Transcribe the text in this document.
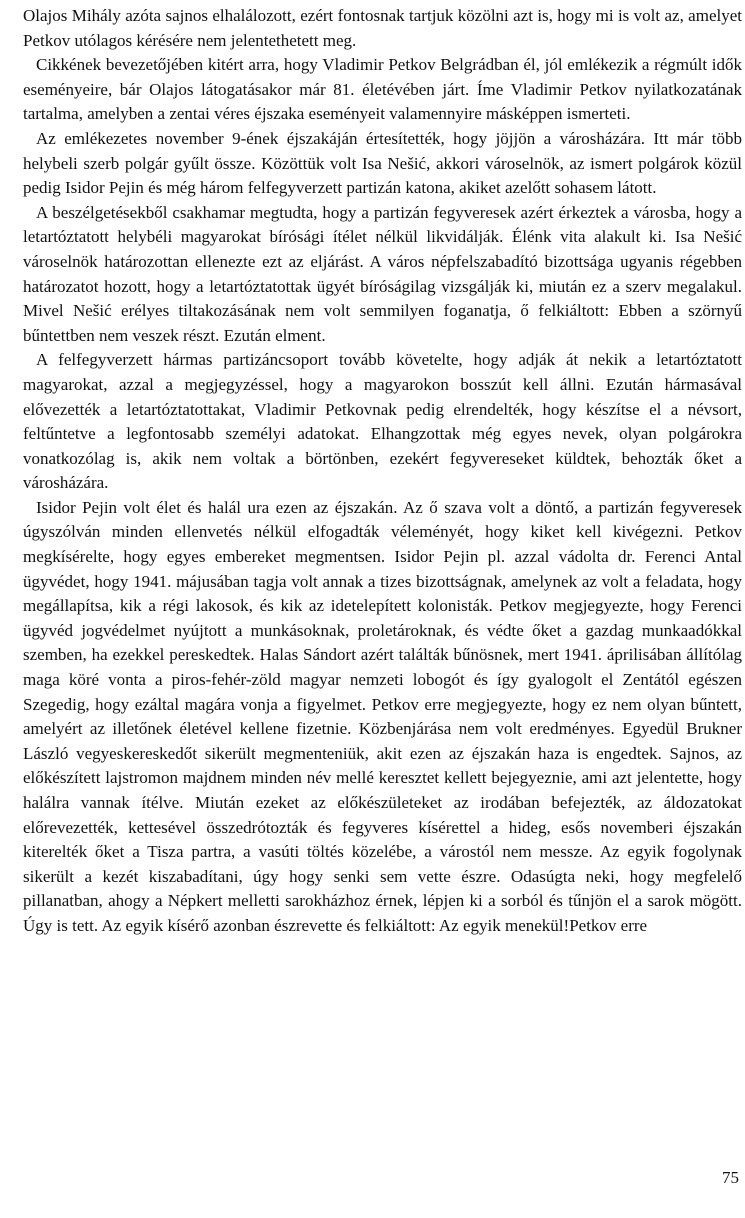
Olajos Mihály azóta sajnos elhalálozott, ezért fontosnak tartjuk közölni azt is, hogy mi is volt az, amelyet Petkov utólagos kérésére nem jelentethetett meg.

Cikkének bevezetőjében kitért arra, hogy Vladimir Petkov Belgrádban él, jól emlékezik a régmúlt idők eseményeire, bár Olajos látogatásakor már 81. életévében járt. Íme Vladimir Petkov nyilatkozatának tartalma, amelyben a zentai véres éjszaka eseményeit valamennyire másképpen ismerteti.

Az emlékezetes november 9-ének éjszakáján értesítették, hogy jöjjön a városházára. Itt már több helybeli szerb polgár gyűlt össze. Közöttük volt Isa Nešić, akkori városelnök, az ismert polgárok közül pedig Isidor Pejin és még három felfegyverzett partizán katona, akiket azelőtt sohasem látott.

A beszélgetésekből csakhamar megtudta, hogy a partizán fegyveresek azért érkeztek a városba, hogy a letartóztatott helybéli magyarokat bírósági ítélet nélkül likvidálják. Élénk vita alakult ki. Isa Nešić városelnök határozottan ellenezte ezt az eljárást. A város népfelszabadító bizottsága ugyanis régebben határozatot hozott, hogy a letartóztatottak ügyét bíróságilag vizsgálják ki, miután ez a szerv megalakul. Mivel Nešić erélyes tiltakozásának nem volt semmilyen foganatja, ő felkiáltott: Ebben a szörnyű bűntettben nem veszek részt. Ezután elment.

A felfegyverzett hármas partizáncsoport tovább követelte, hogy adják át nekik a letartóztatott magyarokat, azzal a megjegyzéssel, hogy a magyarokon bosszút kell állni. Ezután hármasával elővezették a letartóztatottakat, Vladimir Petkovnak pedig elrendelték, hogy készítse el a névsort, feltűntetve a legfontosabb személyi adatokat. Elhangzottak még egyes nevek, olyan polgárokra vonatkozólag is, akik nem voltak a börtönben, ezekért fegyvereseket küldtek, behozták őket a városházára.

Isidor Pejin volt élet és halál ura ezen az éjszakán. Az ő szava volt a döntő, a partizán fegyveresek úgyszólván minden ellenvetés nélkül elfogadták véleményét, hogy kiket kell kivégezni. Petkov megkísérelte, hogy egyes embereket megmentsen. Isidor Pejin pl. azzal vádolta dr. Ferenci Antal ügyvédet, hogy 1941. májusában tagja volt annak a tizes bizottságnak, amelynek az volt a feladata, hogy megállapítsa, kik a régi lakosok, és kik az idetelepített kolonisták. Petkov megjegyezte, hogy Ferenci ügyvéd jogvédelmet nyújtott a munkásoknak, proletároknak, és védte őket a gazdag munkaadókkal szemben, ha ezekkel pereskedtek. Halas Sándort azért találták bűnösnek, mert 1941. áprilisában állítólag maga köré vonta a piros-fehér-zöld magyar nemzeti lobogót és így gyalogolt el Zentától egészen Szegedig, hogy ezáltal magára vonja a figyelmet. Petkov erre megjegyezte, hogy ez nem olyan bűntett, amelyért az illetőnek életével kellene fizetnie. Közbenjárása nem volt eredményes. Egyedül Brukner László vegyeskereskedőt sikerült megmenteniük, akit ezen az éjszakán haza is engedtek. Sajnos, az előkészített lajstromon majdnem minden név mellé keresztet kellett bejegyeznie, ami azt jelentette, hogy halálra vannak ítélve. Miután ezeket az előkészületeket az irodában befejezték, az áldozatokat előrevezették, kettesével összedrótozták és fegyveres kísérettel a hideg, esős novemberi éjszakán kiterelték őket a Tisza partra, a vasúti töltés közelébe, a várostól nem messze. Az egyik fogolynak sikerült a kezét kiszabadítani, úgy hogy senki sem vette észre. Odasúgta neki, hogy megfelelő pillanatban, ahogy a Népkert melletti sarokházhoz érnek, lépjen ki a sorból és tűnjön el a sarok mögött. Úgy is tett. Az egyik kísérő azonban észrevette és felkiáltott: Az egyik menekül!Petkov erre

75
